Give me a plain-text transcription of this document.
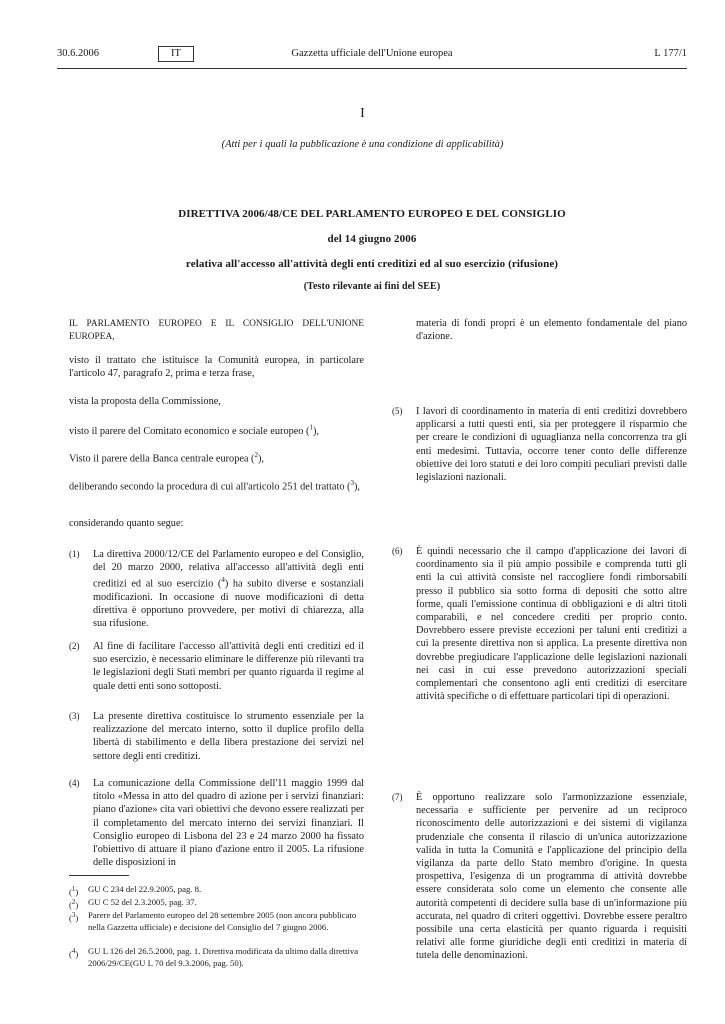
Gazzetta ufficiale dell'Unione europea
30.6.2006	IT	L 177/1
I
(Atti per i quali la pubblicazione è una condizione di applicabilità)
DIRETTIVA 2006/48/CE DEL PARLAMENTO EUROPEO E DEL CONSIGLIO
del 14 giugno 2006
relativa all'accesso all'attività degli enti creditizi ed al suo esercizio (rifusione)
(Testo rilevante ai fini del SEE)
IL PARLAMENTO EUROPEO E IL CONSIGLIO DELL'UNIONE EUROPEA,
visto il trattato che istituisce la Comunità europea, in particolare l'articolo 47, paragrafo 2, prima e terza frase,
vista la proposta della Commissione,
visto il parere del Comitato economico e sociale europeo ($^1$),
Visto il parere della Banca centrale europea ($^2$),
deliberando secondo la procedura di cui all'articolo 251 del trattato ($^3$),
considerando quanto segue:
(1) La direttiva 2000/12/CE del Parlamento europeo e del Consiglio, del 20 marzo 2000, relativa all'accesso all'attività degli enti creditizi ed al suo esercizio ($^4$) ha subito diverse e sostanziali modificazioni. In occasione di nuove modificazioni di detta direttiva è opportuno provvedere, per motivi di chiarezza, alla sua rifusione.
(2) Al fine di facilitare l'accesso all'attività degli enti creditizi ed il suo esercizio, è necessario eliminare le differenze più rilevanti tra le legislazioni degli Stati membri per quanto riguarda il regime al quale detti enti sono sottoposti.
(3) La presente direttiva costituisce lo strumento essenziale per la realizzazione del mercato interno, sotto il duplice profilo della libertà di stabilimento e della libera prestazione dei servizi nel settore degli enti creditizi.
(4) La comunicazione della Commissione dell'11 maggio 1999 dal titolo «Messa in atto del quadro di azione per i servizi finanziari: piano d'azione» cita vari obiettivi che devono essere realizzati per il completamento del mercato interno dei servizi finanziari. Il Consiglio europeo di Lisbona del 23 e 24 marzo 2000 ha fissato l'obiettivo di attuare il piano d'azione entro il 2005. La rifusione delle disposizioni in
($^1$) GU C 234 del 22.9.2005, pag. 8.
($^2$) GU C 52 del 2.3.2005, pag. 37.
($^3$) Parere del Parlamento europeo del 28 settembre 2005 (non ancora pubblicato nella Gazzetta ufficiale) e decisione del Consiglio del 7 giugno 2006.
($^4$) GU L 126 del 26.5.2000, pag. 1. Direttiva modificata da ultimo dalla direttiva 2006/29/CE(GU L 70 del 9.3.2006, pag. 50).
materia di fondi propri è un elemento fondamentale del piano d'azione.
(5) I lavori di coordinamento in materia di enti creditizi dovrebbero applicarsi a tutti questi enti, sia per proteggere il risparmio che per creare le condizioni di uguaglianza nella concorrenza tra gli enti medesimi. Tuttavia, occorre tener conto delle differenze obiettive dei loro statuti e dei loro compiti peculiari previsti dalle legislazioni nazionali.
(6) È quindi necessario che il campo d'applicazione dei lavori di coordinamento sia il più ampio possibile e comprenda tutti gli enti la cui attività consiste nel raccogliere fondi rimborsabili presso il pubblico sia sotto forma di depositi che sotto altre forme, quali l'emissione continua di obbligazioni e di altri titoli comparabili, e nel concedere crediti per proprio conto. Dovrebbero essere previste eccezioni per taluni enti creditizi a cui la presente direttiva non si applica. La presente direttiva non dovrebbe pregiudicare l'applicazione delle legislazioni nazionali nei casi in cui esse prevedono autorizzazioni speciali complementari che consentono agli enti creditizi di esercitare attività specifiche o di effettuare particolari tipi di operazioni.
(7) È opportuno realizzare solo l'armonizzazione essenziale, necessaria e sufficiente per pervenire ad un reciproco riconoscimento delle autorizzazioni e dei sistemi di vigilanza prudenziale che consenta il rilascio di un'unica autorizzazione valida in tutta la Comunità e l'applicazione del principio della vigilanza da parte dello Stato membro d'origine. In questa prospettiva, l'esigenza di un programma di attività dovrebbe essere considerata solo come un elemento che consente alle autorità competenti di decidere sulla base di un'informazione più accurata, nel quadro di criteri oggettivi. Dovrebbe essere peraltro possibile una certa elasticità per quanto riguarda i requisiti relativi alle forme giuridiche degli enti creditizi in materia di tutela delle denominazioni.
